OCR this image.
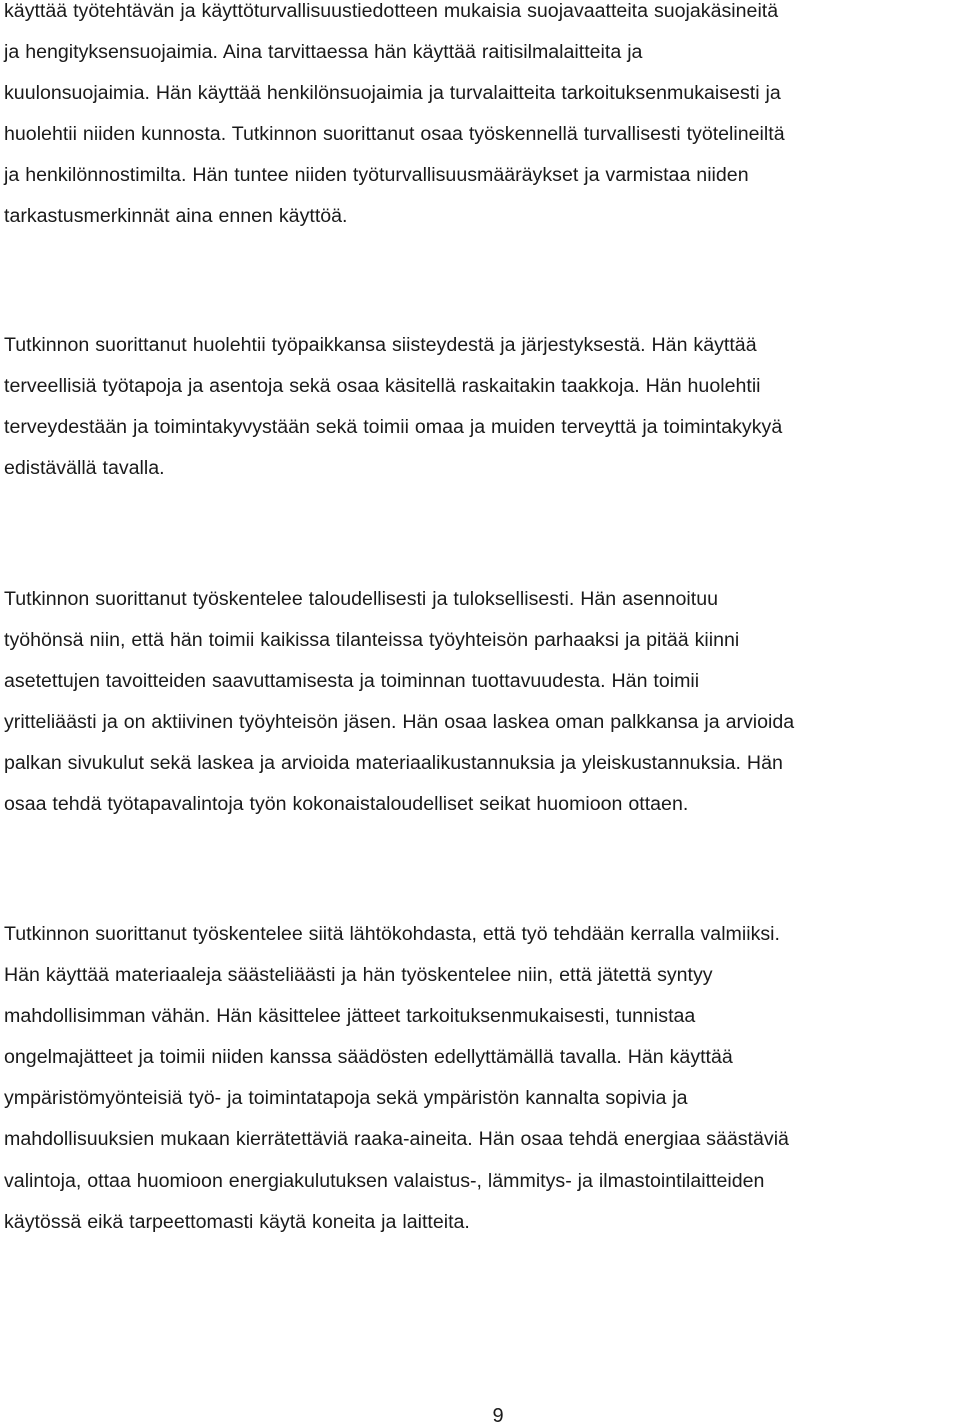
käyttää työtehtävän ja käyttöturvallisuustiedotteen mukaisia suojavaatteita suojakäsineitä
ja hengityksensuojaimia. Aina tarvittaessa hän käyttää raitisilmalaitteita ja
kuulonsuojaimia. Hän käyttää henkilönsuojaimia ja turvalaitteita tarkoituksenmukaisesti ja
huolehtii niiden kunnosta. Tutkinnon suorittanut osaa työskennellä turvallisesti työtelineiltä
ja henkilönnostimilta. Hän tuntee niiden työturvallisuusmääräykset ja varmistaa niiden
tarkastusmerkinnät aina ennen käyttöä.

Tutkinnon suorittanut huolehtii työpaikkansa siisteydestä ja järjestyksestä. Hän käyttää
terveellisiä työtapoja ja asentoja sekä osaa käsitellä raskaitakin taakkoja. Hän huolehtii
terveydestään ja toimintakyvystään sekä toimii omaa ja muiden terveyttä ja toimintakykyä
edistävällä tavalla.

Tutkinnon suorittanut työskentelee taloudellisesti ja tuloksellisesti. Hän asennoituu
työhönsä niin, että hän toimii kaikissa tilanteissa työyhteisön parhaaksi ja pitää kiinni
asetettujen tavoitteiden saavuttamisesta ja toiminnan tuottavuudesta. Hän toimii
yritteliäästi ja on aktiivinen työyhteisön jäsen. Hän osaa laskea oman palkkansa ja arvioida
palkan sivukulut sekä laskea ja arvioida materiaalikustannuksia ja yleiskustannuksia. Hän
osaa tehdä työtapavalintoja työn kokonaistaloudelliset seikat huomioon ottaen.

Tutkinnon suorittanut työskentelee siitä lähtökohdasta, että työ tehdään kerralla valmiiksi.
Hän käyttää materiaaleja säästeliäästi ja hän työskentelee niin, että jätettä syntyy
mahdollisimman vähän. Hän käsittelee jätteet tarkoituksenmukaisesti, tunnistaa
ongelmajätteet ja toimii niiden kanssa säädösten edellyttämällä tavalla. Hän käyttää
ympäristömyönteisiä työ- ja toimintatapoja sekä ympäristön kannalta sopivia ja
mahdollisuuksien mukaan kierrätettäviä raaka-aineita. Hän osaa tehdä energiaa säästäviä
valintoja, ottaa huomioon energiakulutuksen valaistus-, lämmitys- ja ilmastointilaitteiden
käytössä eikä tarpeettomasti käytä koneita ja laitteita.

9
